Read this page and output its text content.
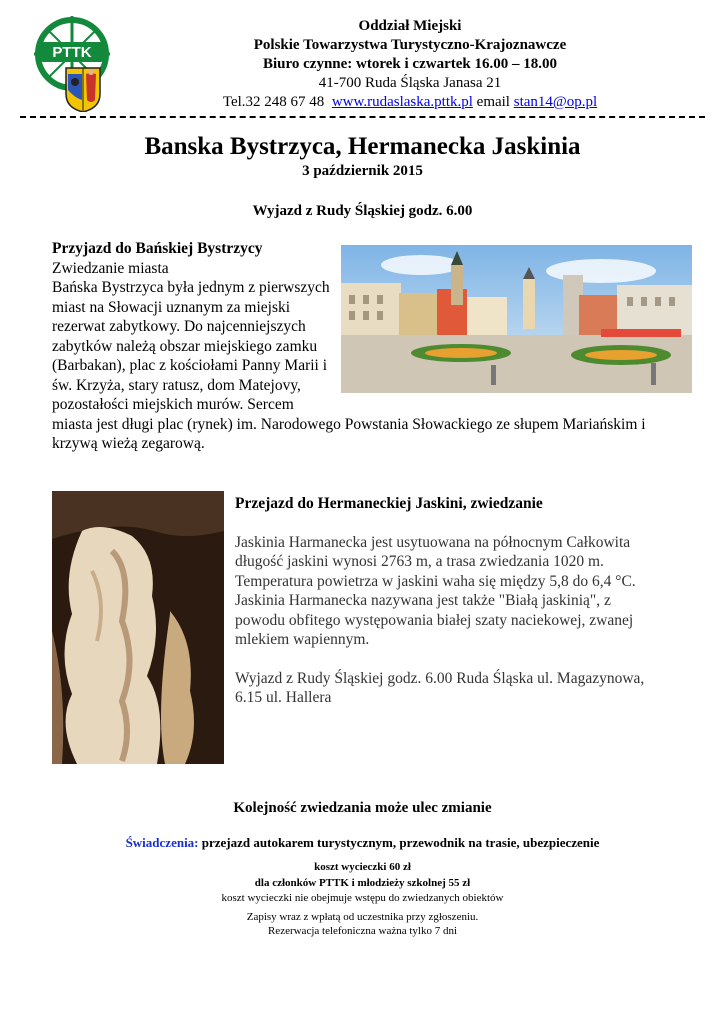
PTTK
Oddział Miejski
Polskie Towarzystwa Turystyczno-Krajoznawcze
Biuro czynne: wtorek i czwartek 16.00 – 18.00
41-700 Ruda Śląska Janasa 21
Tel.32 248 67 48 www.rudaslaska.pttk.pl email stan14@op.pl
Banska Bystrzyca, Hermanecka Jaskinia
3 październik 2015
Wyjazd z Rudy Śląskiej godz. 6.00
Przyjazd do Bańskiej Bystrzycy
Zwiedzanie miasta
Bańska Bystrzyca była jednym z pierwszych miast na Słowacji uznanym za miejski rezerwat zabytkowy. Do najcenniejszych zabytków należą obszar miejskiego zamku (Barbakan), plac z kościołami Panny Marii i św. Krzyża, stary ratusz, dom Matejovy, pozostałości miejskich murów. Sercem miasta jest długi plac (rynek) im. Narodowego Powstania Słowackiego ze słupem Mariańskim i krzywą wieżą zegarową.
Przejazd do Hermaneckiej Jaskini, zwiedzanie
Jaskinia Harmanecka jest usytuowana na północnym Całkowita długość jaskini wynosi 2763 m, a trasa zwiedzania 1020 m. Temperatura powietrza w jaskini waha się między 5,8 do 6,4 °C. Jaskinia Harmanecka nazywana jest także "Białą jaskinią", z powodu obfitego występowania białej szaty naciekowej, zwanej mlekiem wapiennym.
Wyjazd z Rudy Śląskiej godz. 6.00 Ruda Śląska ul. Magazynowa, 6.15 ul. Hallera
Kolejność zwiedzania może ulec zmianie
Świadczenia: przejazd autokarem turystycznym, przewodnik na trasie, ubezpieczenie
koszt wycieczki 60 zł
dla członków PTTK i młodzieży szkolnej 55 zł
koszt wycieczki nie obejmuje wstępu do zwiedzanych obiektów
Zapisy wraz z wpłatą od uczestnika przy zgłoszeniu.
Rezerwacja telefoniczna ważna tylko 7 dni
